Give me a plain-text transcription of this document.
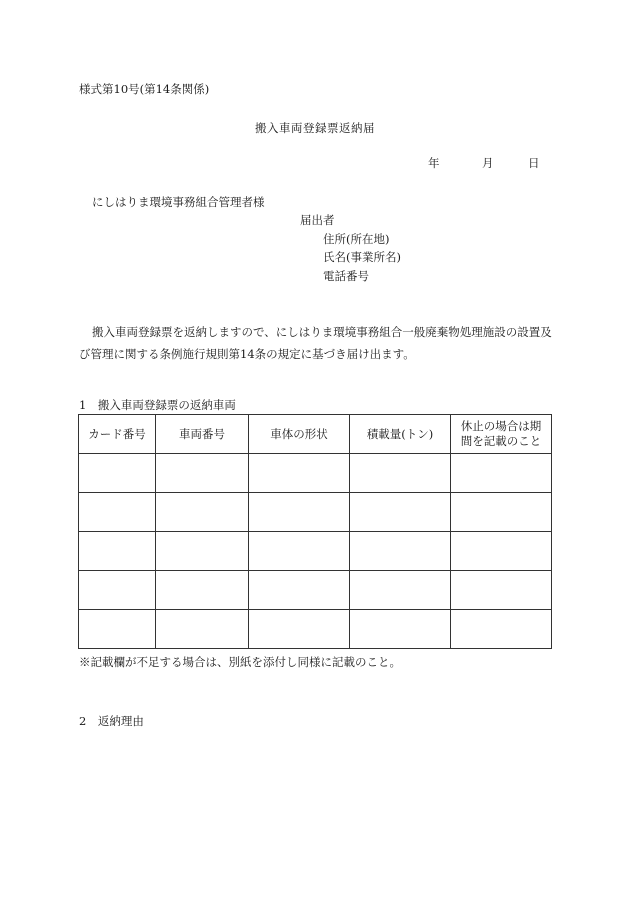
様式第10号(第14条関係)
搬入車両登録票返納届
年	月	日
にしはりま環境事務組合管理者様
届出者
住所(所在地)
氏名(事業所名)
電話番号
搬入車両登録票を返納しますので、にしはりま環境事務組合一般廃棄物処理施設の設置及び管理に関する条例施行規則第14条の規定に基づき届け出ます。
1　搬入車両登録票の返納車両
カード番号	車両番号	車体の形状	積載量(トン)	休止の場合は期間を記載のこと

※記載欄が不足する場合は、別紙を添付し同様に記載のこと。
2　返納理由
